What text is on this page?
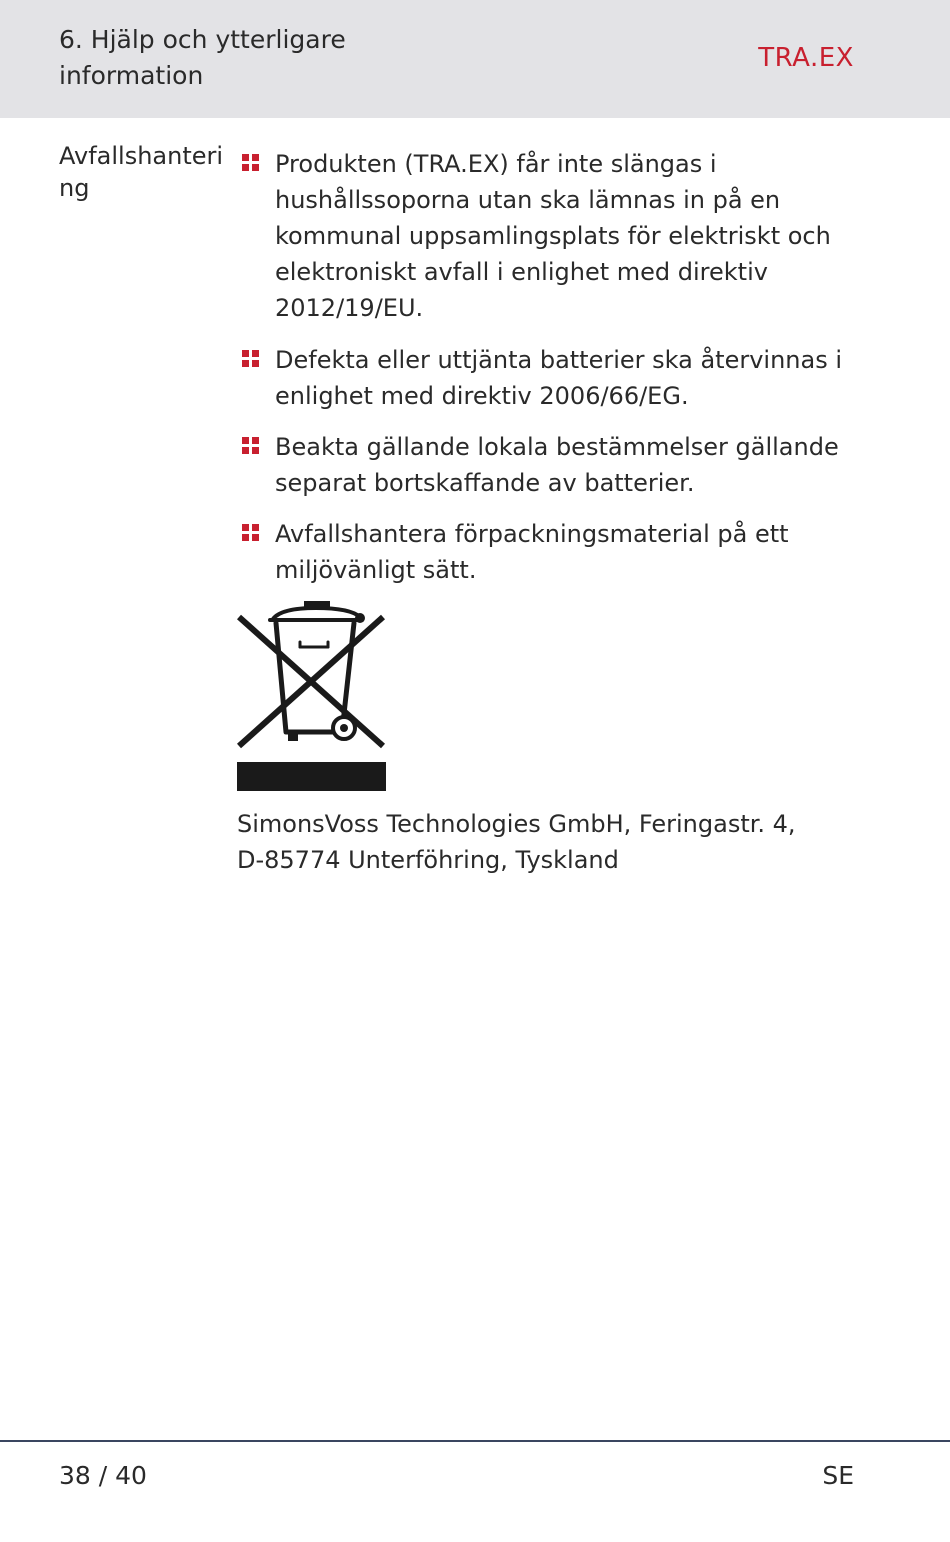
6. Hjälp och ytterligare
information
TRA.EX
Avfallshantering
Produkten (TRA.EX) får inte slängas i hushållssoporna utan ska lämnas in på en kommunal uppsamlingsplats för elektriskt och elektroniskt avfall i enlighet med direktiv 2012/19/EU.
Defekta eller uttjänta batterier ska återvinnas i enlighet med direktiv 2006/66/EG.
Beakta gällande lokala bestämmelser gällande separat bortskaffande av batterier.
Avfallshantera förpackningsmaterial på ett miljövänligt sätt.
SimonsVoss Technologies GmbH, Feringastr. 4,
D-85774 Unterföhring, Tyskland
38 / 40	SE
